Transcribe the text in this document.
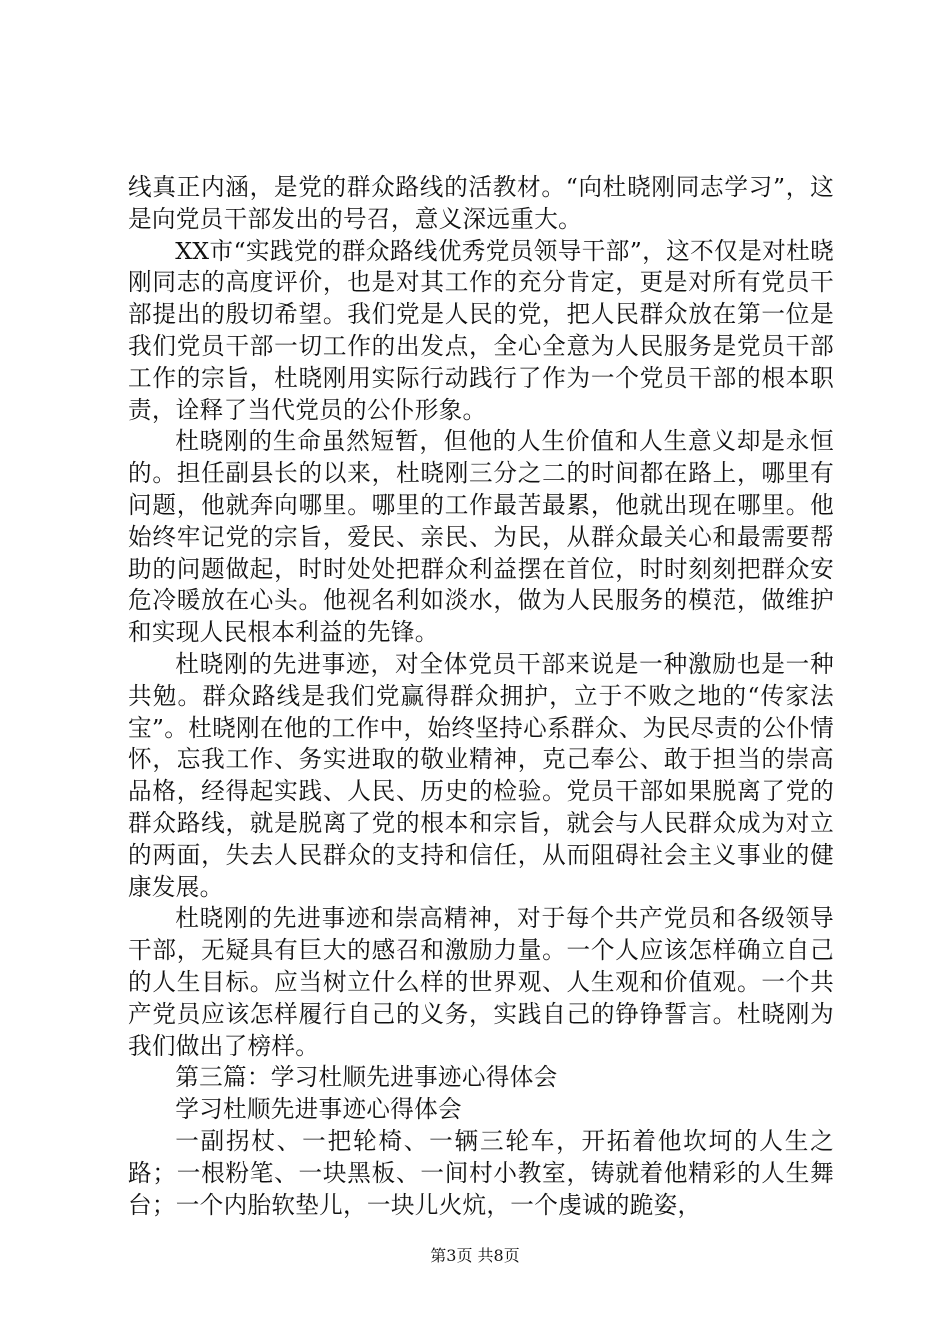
线真正内涵，是党的群众路线的活教材。“向杜晓刚同志学习”，这是向党员干部发出的号召，意义深远重大。

XX市“实践党的群众路线优秀党员领导干部”，这不仅是对杜晓刚同志的高度评价，也是对其工作的充分肯定，更是对所有党员干部提出的殷切希望。我们党是人民的党，把人民群众放在第一位是我们党员干部一切工作的出发点，全心全意为人民服务是党员干部工作的宗旨，杜晓刚用实际行动践行了作为一个党员干部的根本职责，诠释了当代党员的公仆形象。

杜晓刚的生命虽然短暂，但他的人生价值和人生意义却是永恒的。担任副县长的以来，杜晓刚三分之二的时间都在路上，哪里有问题，他就奔向哪里。哪里的工作最苦最累，他就出现在哪里。他始终牢记党的宗旨，爱民、亲民、为民，从群众最关心和最需要帮助的问题做起，时时处处把群众利益摆在首位，时时刻刻把群众安危冷暖放在心头。他视名利如淡水，做为人民服务的模范，做维护和实现人民根本利益的先锋。

杜晓刚的先进事迹，对全体党员干部来说是一种激励也是一种共勉。群众路线是我们党赢得群众拥护，立于不败之地的“传家法宝”。杜晓刚在他的工作中，始终坚持心系群众、为民尽责的公仆情怀，忘我工作、务实进取的敬业精神，克己奉公、敢于担当的崇高品格，经得起实践、人民、历史的检验。党员干部如果脱离了党的群众路线，就是脱离了党的根本和宗旨，就会与人民群众成为对立的两面，失去人民群众的支持和信任，从而阻碍社会主义事业的健康发展。

杜晓刚的先进事迹和崇高精神，对于每个共产党员和各级领导干部，无疑具有巨大的感召和激励力量。一个人应该怎样确立自己的人生目标。应当树立什么样的世界观、人生观和价值观。一个共产党员应该怎样履行自己的义务，实践自己的铮铮誓言。杜晓刚为我们做出了榜样。

第三篇：学习杜顺先进事迹心得体会

学习杜顺先进事迹心得体会

一副拐杖、一把轮椅、一辆三轮车，开拓着他坎坷的人生之路；一根粉笔、一块黑板、一间村小教室，铸就着他精彩的人生舞台；一个内胎软垫儿，一块儿火炕，一个虔诚的跪姿，

第3页 共8页
